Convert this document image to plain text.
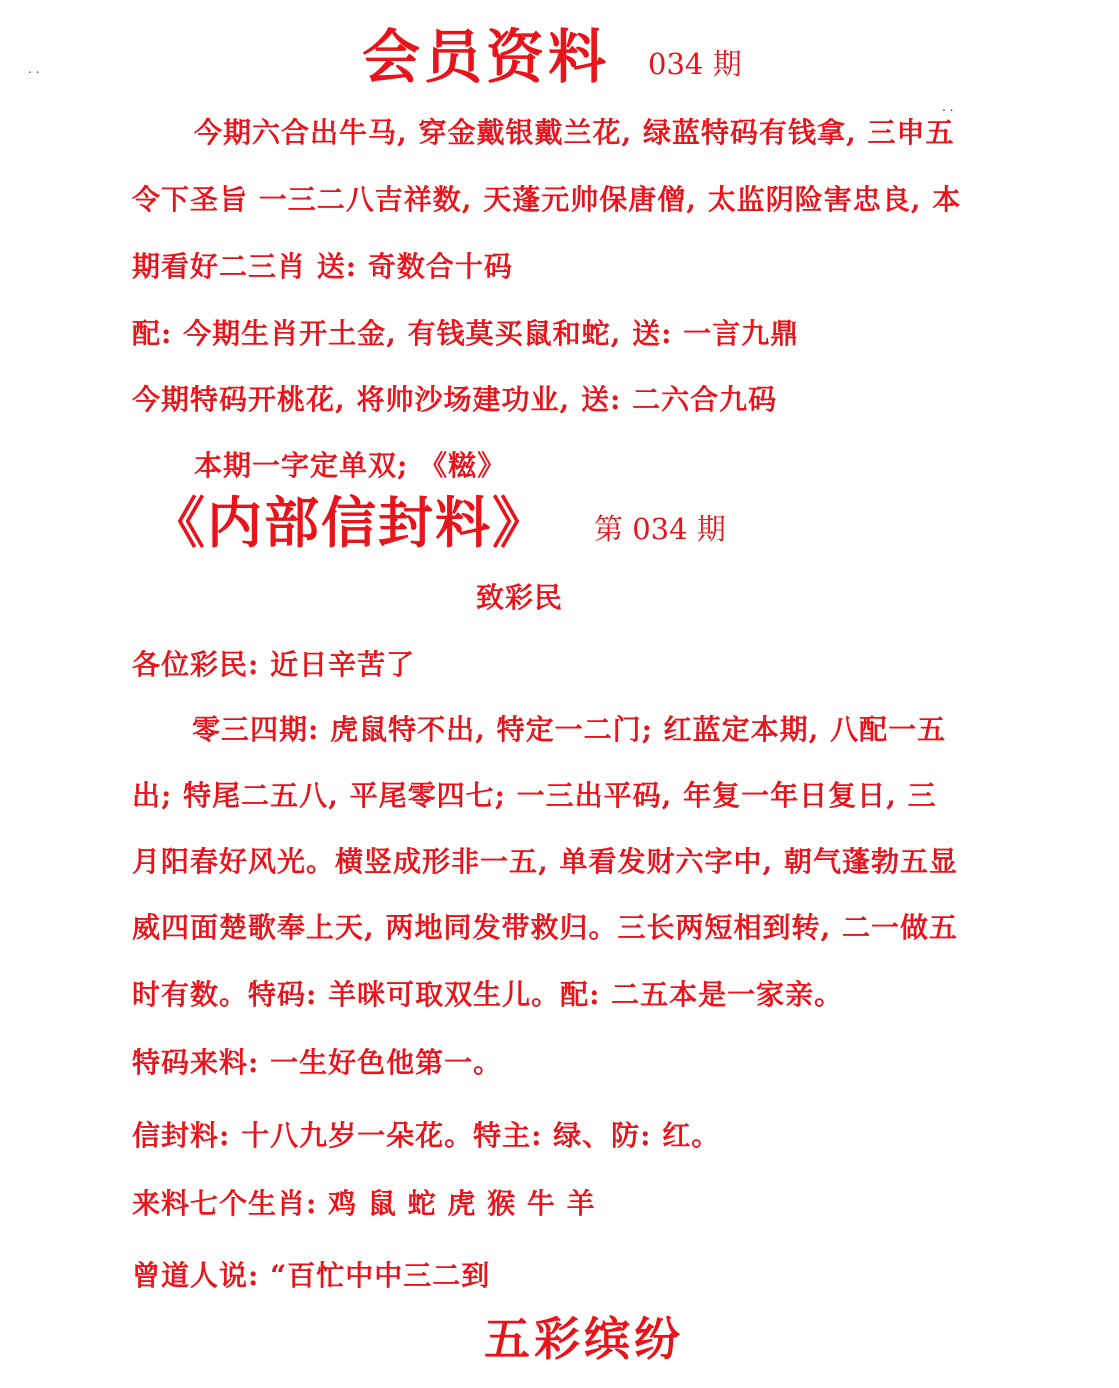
. .
. .
会员资料 034 期
今期六合出牛马, 穿金戴银戴兰花, 绿蓝特码有钱拿, 三申五
令下圣旨 一三二八吉祥数, 天蓬元帅保唐僧, 太监阴险害忠良, 本
期看好二三肖 送: 奇数合十码
配: 今期生肖开土金, 有钱莫买鼠和蛇, 送: 一言九鼎
今期特码开桃花, 将帅沙场建功业, 送: 二六合九码
本期一字定单双; 《糍》
《内部信封料》 第 034 期
致彩民
各位彩民: 近日辛苦了
零三四期: 虎鼠特不出, 特定一二门; 红蓝定本期, 八配一五
出; 特尾二五八, 平尾零四七; 一三出平码, 年复一年日复日, 三
月阳春好风光。横竖成形非一五, 单看发财六字中, 朝气蓬勃五显
威四面楚歌奉上天, 两地同发带救归。三长两短相到转, 二一做五
时有数。特码: 羊咪可取双生儿。配: 二五本是一家亲。
特码来料: 一生好色他第一。
信封料: 十八九岁一朵花。特主: 绿、防: 红。
来料七个生肖: 鸡 鼠 蛇 虎 猴 牛 羊
曾道人说: “百忙中中三二到
五彩缤纷
